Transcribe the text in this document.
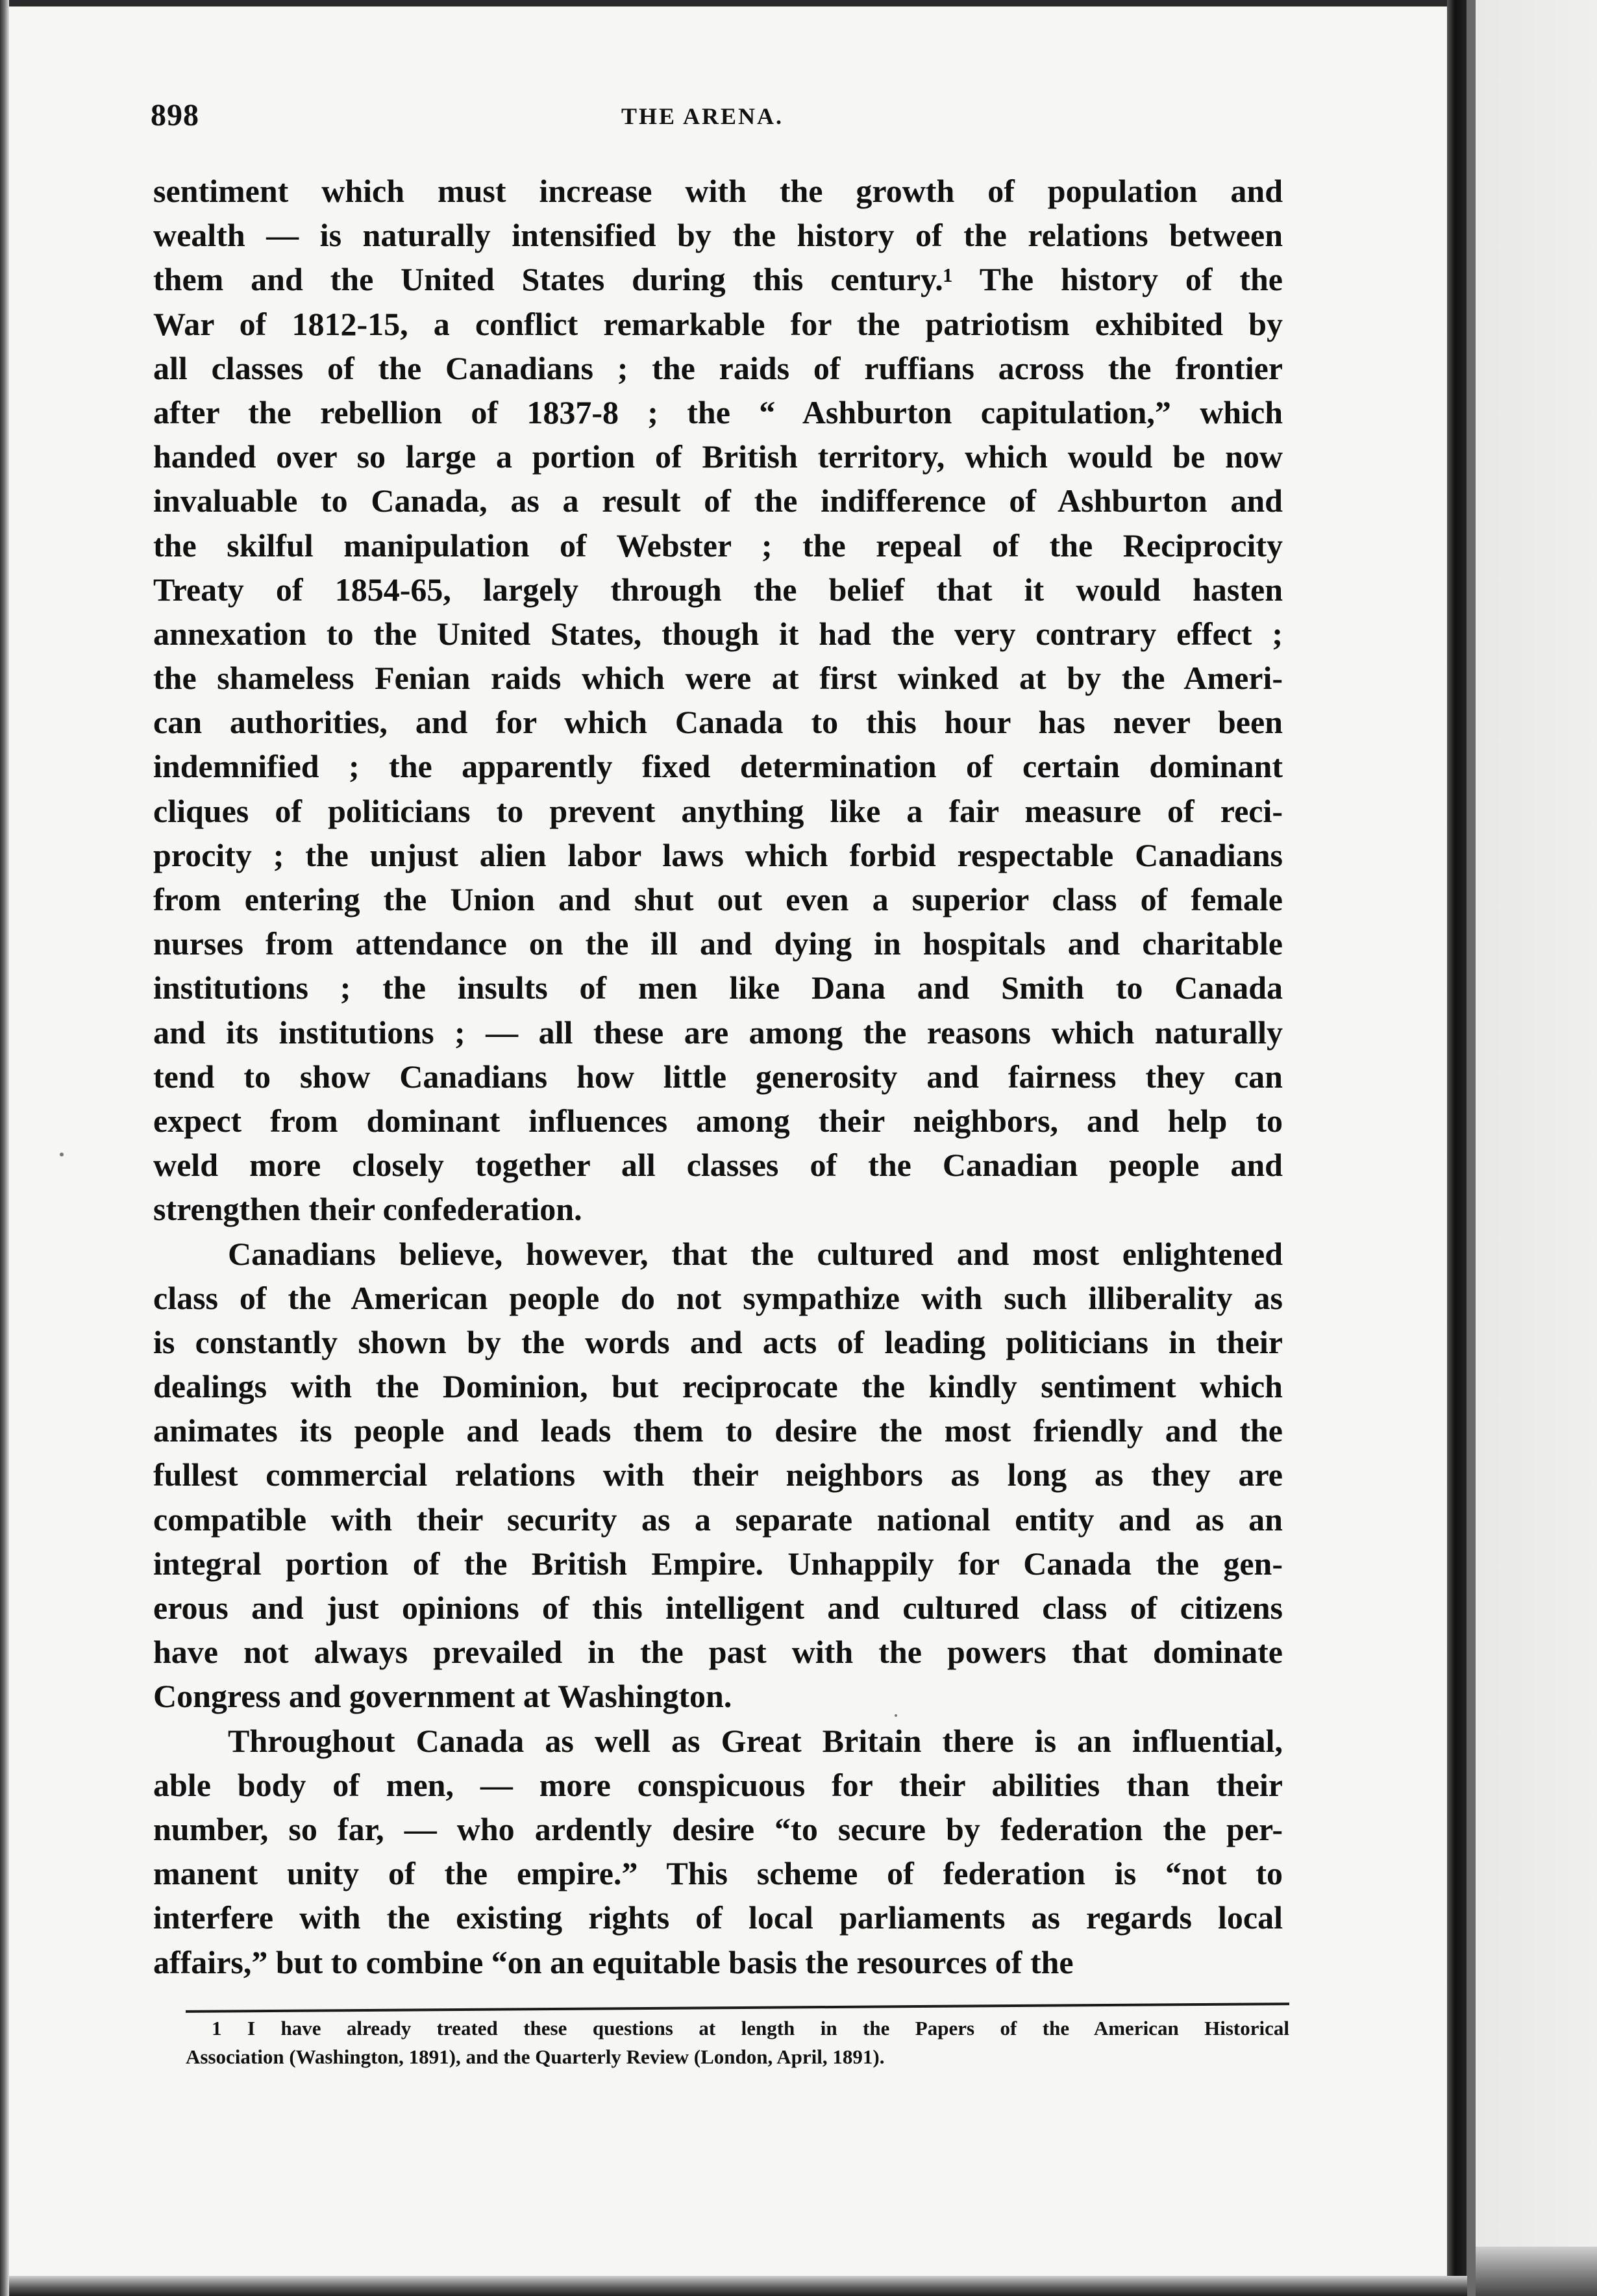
898	THE ARENA.
sentiment which must increase with the growth of population and
wealth — is naturally intensified by the history of the relations between
them and the United States during this century.¹ The history of the
War of 1812-15, a conflict remarkable for the patriotism exhibited by
all classes of the Canadians ; the raids of ruffians across the frontier
after the rebellion of 1837-8 ; the “ Ashburton capitulation,” which
handed over so large a portion of British territory, which would be now
invaluable to Canada, as a result of the indifference of Ashburton and
the skilful manipulation of Webster ; the repeal of the Reciprocity
Treaty of 1854-65, largely through the belief that it would hasten
annexation to the United States, though it had the very contrary effect ;
the shameless Fenian raids which were at first winked at by the Ameri-
can authorities, and for which Canada to this hour has never been
indemnified ; the apparently fixed determination of certain dominant
cliques of politicians to prevent anything like a fair measure of reci-
procity ; the unjust alien labor laws which forbid respectable Canadians
from entering the Union and shut out even a superior class of female
nurses from attendance on the ill and dying in hospitals and charitable
institutions ; the insults of men like Dana and Smith to Canada
and its institutions ; — all these are among the reasons which naturally
tend to show Canadians how little generosity and fairness they can
expect from dominant influences among their neighbors, and help to
weld more closely together all classes of the Canadian people and
strengthen their confederation.
Canadians believe, however, that the cultured and most enlightened
class of the American people do not sympathize with such illiberality as
is constantly shown by the words and acts of leading politicians in their
dealings with the Dominion, but reciprocate the kindly sentiment which
animates its people and leads them to desire the most friendly and the
fullest commercial relations with their neighbors as long as they are
compatible with their security as a separate national entity and as an
integral portion of the British Empire. Unhappily for Canada the gen-
erous and just opinions of this intelligent and cultured class of citizens
have not always prevailed in the past with the powers that dominate
Congress and government at Washington.
Throughout Canada as well as Great Britain there is an influential,
able body of men, — more conspicuous for their abilities than their
number, so far, — who ardently desire “to secure by federation the per-
manent unity of the empire.” This scheme of federation is “not to
interfere with the existing rights of local parliaments as regards local
affairs,” but to combine “on an equitable basis the resources of the
1 I have already treated these questions at length in the Papers of the American Historical
Association (Washington, 1891), and the Quarterly Review (London, April, 1891).
